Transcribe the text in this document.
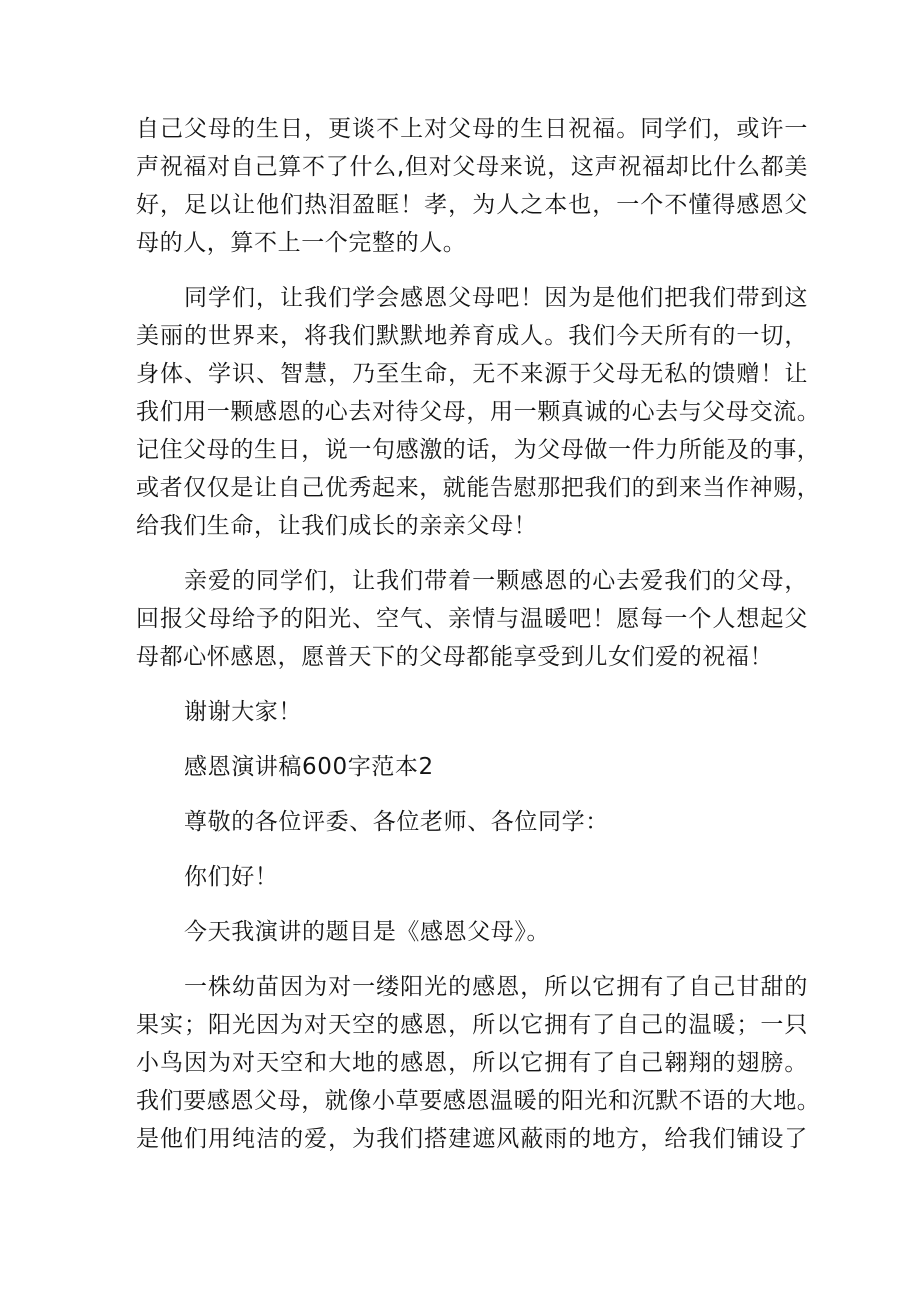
自己父母的生日，更谈不上对父母的生日祝福。同学们，或许一
声祝福对自己算不了什么,但对父母来说，这声祝福却比什么都美
好，足以让他们热泪盈眶！孝，为人之本也，一个不懂得感恩父
母的人，算不上一个完整的人。
同学们，让我们学会感恩父母吧！因为是他们把我们带到这
美丽的世界来，将我们默默地养育成人。我们今天所有的一切，
身体、学识、智慧，乃至生命，无不来源于父母无私的馈赠！让
我们用一颗感恩的心去对待父母，用一颗真诚的心去与父母交流。
记住父母的生日，说一句感激的话，为父母做一件力所能及的事，
或者仅仅是让自己优秀起来，就能告慰那把我们的到来当作神赐，
给我们生命，让我们成长的亲亲父母！
亲爱的同学们，让我们带着一颗感恩的心去爱我们的父母，
回报父母给予的阳光、空气、亲情与温暖吧！愿每一个人想起父
母都心怀感恩，愿普天下的父母都能享受到儿女们爱的祝福！
谢谢大家！
感恩演讲稿600字范本2
尊敬的各位评委、各位老师、各位同学：
你们好！
今天我演讲的题目是《感恩父母》。
一株幼苗因为对一缕阳光的感恩，所以它拥有了自己甘甜的
果实；阳光因为对天空的感恩，所以它拥有了自己的温暖；一只
小鸟因为对天空和大地的感恩，所以它拥有了自己翱翔的翅膀。
我们要感恩父母，就像小草要感恩温暖的阳光和沉默不语的大地。
是他们用纯洁的爱，为我们搭建遮风蔽雨的地方，给我们铺设了
